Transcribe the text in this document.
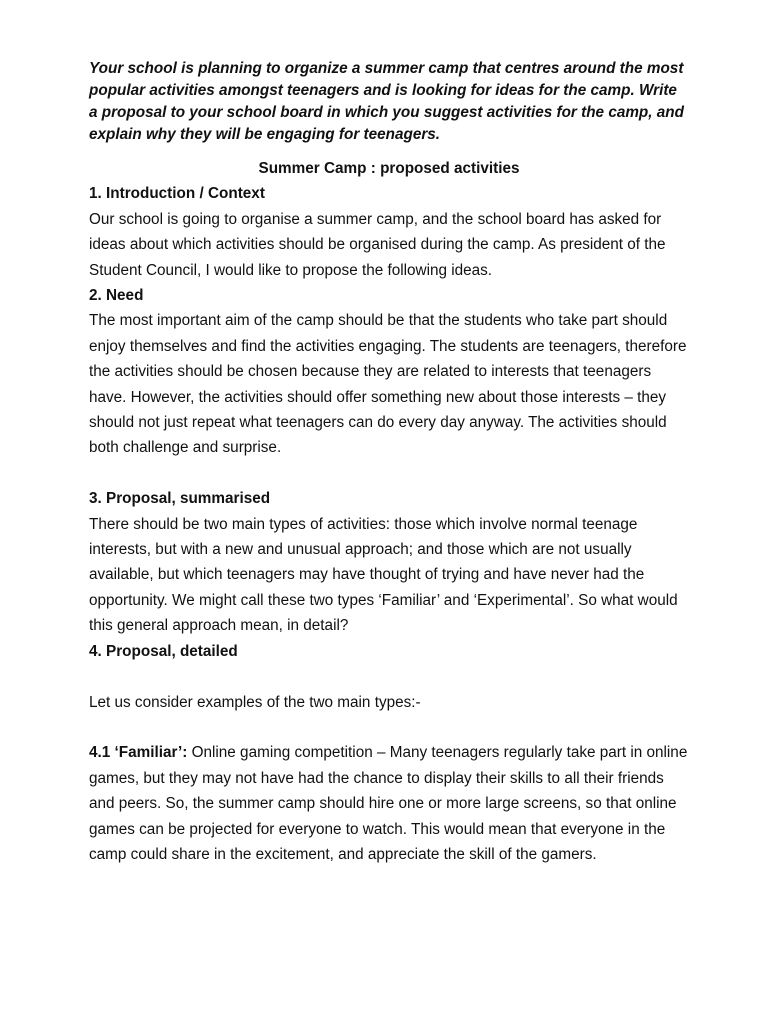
Your school is planning to organize a summer camp that centres around the most popular activities amongst teenagers and is looking for ideas for the camp. Write a proposal to your school board in which you suggest activities for the camp, and explain why they will be engaging for teenagers.

Summer Camp : proposed activities

1. Introduction / Context

Our school is going to organise a summer camp, and the school board has asked for ideas about which activities should be organised during the camp. As president of the Student Council, I would like to propose the following ideas.

2. Need

The most important aim of the camp should be that the students who take part should enjoy themselves and find the activities engaging. The students are teenagers, therefore the activities should be chosen because they are related to interests that teenagers have. However, the activities should offer something new about those interests – they should not just repeat what teenagers can do every day anyway. The activities should both challenge and surprise.

3. Proposal, summarised

There should be two main types of activities: those which involve normal teenage interests, but with a new and unusual approach; and those which are not usually available, but which teenagers may have thought of trying and have never had the opportunity. We might call these two types ‘Familiar’ and ‘Experimental’. So what would this general approach mean, in detail?

4. Proposal, detailed

Let us consider examples of the two main types:-

4.1 ‘Familiar’: Online gaming competition – Many teenagers regularly take part in online games, but they may not have had the chance to display their skills to all their friends and peers. So, the summer camp should hire one or more large screens, so that online games can be projected for everyone to watch. This would mean that everyone in the camp could share in the excitement, and appreciate the skill of the gamers.
